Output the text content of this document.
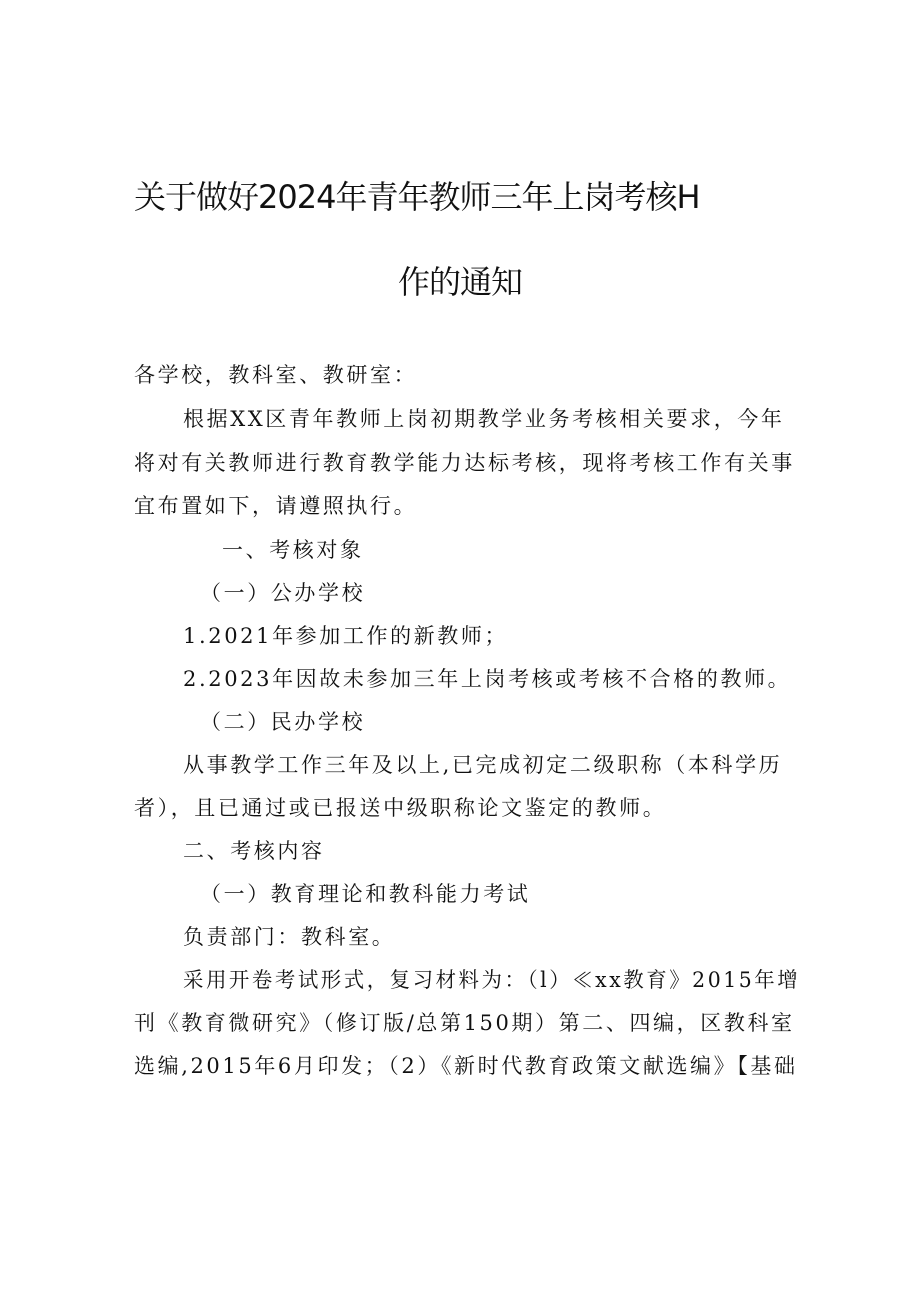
关于做好2024年青年教师三年上岗考核H
作的通知
各学校，教科室、教研室：
根据XX区青年教师上岗初期教学业务考核相关要求，今年
将对有关教师进行教育教学能力达标考核，现将考核工作有关事
宜布置如下，请遵照执行。
一、考核对象
（一）公办学校
1.2021年参加工作的新教师；
2.2023年因故未参加三年上岗考核或考核不合格的教师。
（二）民办学校
从事教学工作三年及以上,已完成初定二级职称（本科学历
者），且已通过或已报送中级职称论文鉴定的教师。
二、考核内容
（一）教育理论和教科能力考试
负责部门：教科室。
采用开卷考试形式，复习材料为：（l）≪xx教育》2015年增
刊《教育微研究》（修订版/总第150期）第二、四编，区教科室
选编,2015年6月印发；（2）《新时代教育政策文献选编》【基础
